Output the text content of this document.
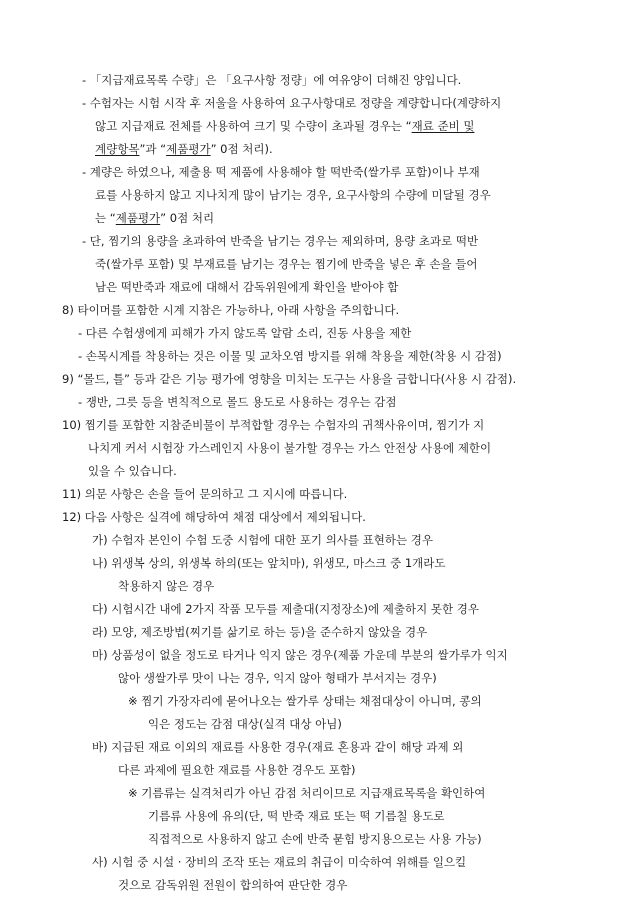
- 「지급재료목록 수량」은 「요구사항 정량」에 여유양이 더해진 양입니다.
- 수험자는 시험 시작 후 저울을 사용하여 요구사항대로 정량을 계량합니다(계량하지
않고 지급재료 전체를 사용하여 크기 및 수량이 초과될 경우는 “재료 준비 및
계량항목”과 “제품평가” 0점 처리).
- 계량은 하였으나, 제출용 떡 제품에 사용해야 할 떡반죽(쌀가루 포함)이나 부재
료를 사용하지 않고 지나치게 많이 남기는 경우, 요구사항의 수량에 미달될 경우
는 “제품평가” 0점 처리
- 단, 찜기의 용량을 초과하여 반죽을 남기는 경우는 제외하며, 용량 초과로 떡반
죽(쌀가루 포함) 및 부재료를 남기는 경우는 찜기에 반죽을 넣은 후 손을 들어
남은 떡반죽과 재료에 대해서 감독위원에게 확인을 받아야 함
8) 타이머를 포함한 시계 지참은 가능하나, 아래 사항을 주의합니다.
- 다른 수험생에게 피해가 가지 않도록 알람 소리, 진동 사용을 제한
- 손목시계를 착용하는 것은 이물 및 교차오염 방지를 위해 착용을 제한(착용 시 감점)
9) “몰드, 틀” 등과 같은 기능 평가에 영향을 미치는 도구는 사용을 금합니다(사용 시 감점).
- 쟁반, 그릇 등을 변칙적으로 몰드 용도로 사용하는 경우는 감점
10) 찜기를 포함한 지참준비물이 부적합할 경우는 수험자의 귀책사유이며, 찜기가 지
나치게 커서 시험장 가스레인지 사용이 불가할 경우는 가스 안전상 사용에 제한이
있을 수 있습니다.
11) 의문 사항은 손을 들어 문의하고 그 지시에 따릅니다.
12) 다음 사항은 실격에 해당하여 채점 대상에서 제외됩니다.
가) 수험자 본인이 수험 도중 시험에 대한 포기 의사를 표현하는 경우
나) 위생복 상의, 위생복 하의(또는 앞치마), 위생모, 마스크 중 1개라도
착용하지 않은 경우
다) 시험시간 내에 2가지 작품 모두를 제출대(지정장소)에 제출하지 못한 경우
라) 모양, 제조방법(찌기를 삶기로 하는 등)을 준수하지 않았을 경우
마) 상품성이 없을 정도로 타거나 익지 않은 경우(제품 가운데 부분의 쌀가루가 익지
않아 생쌀가루 맛이 나는 경우, 익지 않아 형태가 부서지는 경우)
※ 찜기 가장자리에 묻어나오는 쌀가루 상태는 채점대상이 아니며, 콩의
익은 정도는 감점 대상(실격 대상 아님)
바) 지급된 재료 이외의 재료를 사용한 경우(재료 혼용과 같이 해당 과제 외
다른 과제에 필요한 재료를 사용한 경우도 포함)
※ 기름류는 실격처리가 아닌 감점 처리이므로 지급재료목록을 확인하여
기름류 사용에 유의(단, 떡 반죽 재료 또는 떡 기름칠 용도로
직접적으로 사용하지 않고 손에 반죽 묻힘 방지용으로는 사용 가능)
사) 시험 중 시설 · 장비의 조작 또는 재료의 취급이 미숙하여 위해를 일으킬
것으로 감독위원 전원이 합의하여 판단한 경우
